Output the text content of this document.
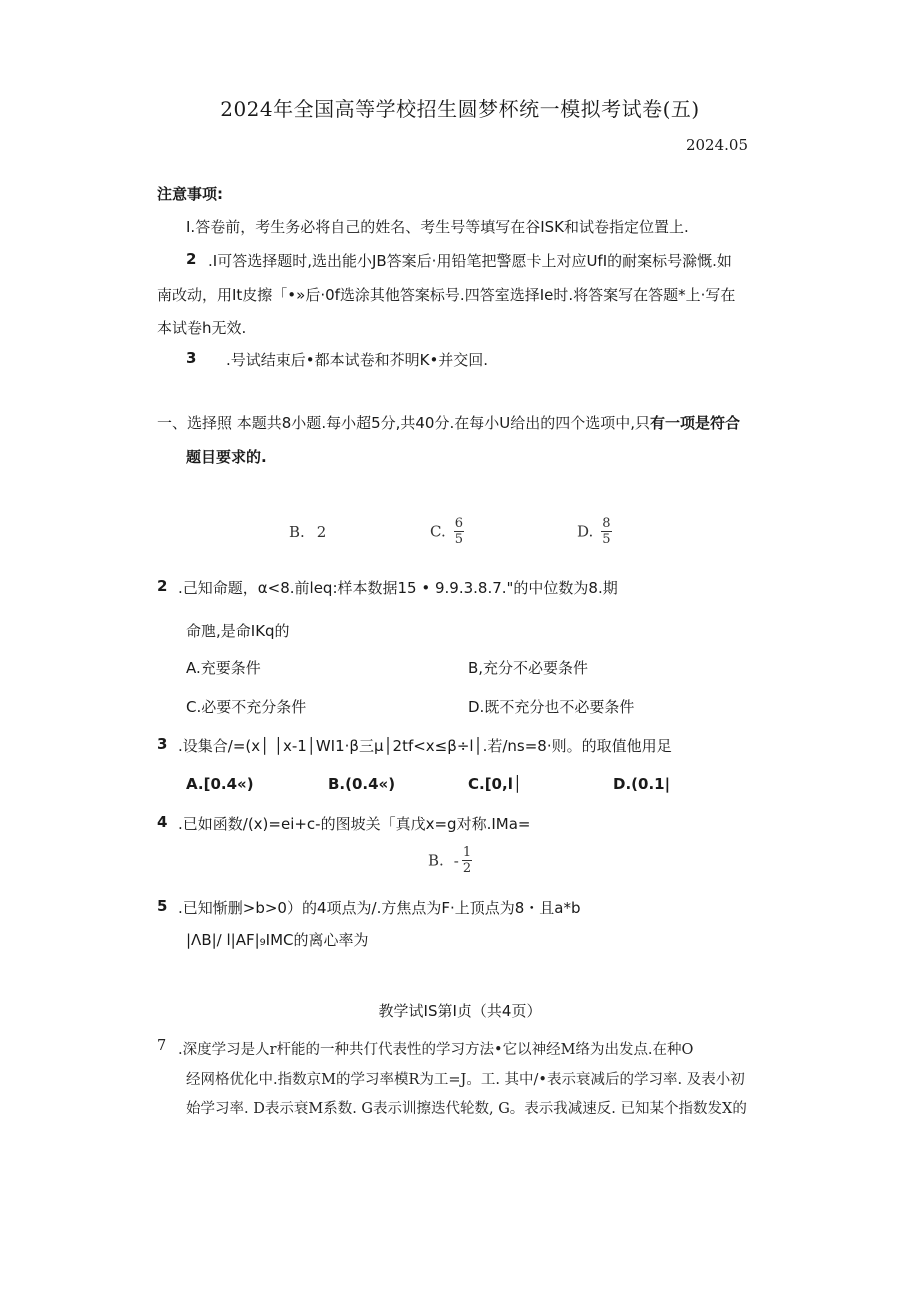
2024年全国高等学校招生圆梦杯统一模拟考试卷(五)
2024.05
注意事项:
I.答卷前，考生务必将自己的姓名、考生号等填写在谷ISK和试卷指定位置上.
2 .I可答选择题时,选出能小JB答案后·用铅笔把警愿卡上对应UfI的耐案标号滁慨.如
南改动，用It皮擦「•»后·0f选涂其他答案标号.四答室选择Ie时.将答案写在答题*上·写在
本试卷h无效.
3 .号试结束后•都本试卷和芥明K•并交回.
一、选择照 本题共8小题.每小超5分,共40分.在每小U给出的四个选项中,只有一项是符合
题目要求的.
B. 2	C. $\frac{6}{5}$	D. $\frac{8}{5}$
2 .己知命题，α<8.前leq:样本数据15 • 9.9.3.8.7."的中位数为8.期
命虺,是命IKq的
A.充要条件	B,充分不必要条件
C.必要不充分条件	D.既不充分也不必要条件
3 .设集合/=(x│ │x-1│WI1·β三μ│2tf<x≤β÷l│.若/ns=8·则。的取值他用足
A.[0.4«)	B.(0.4«)	C.[0,l│	D.(0.1|
4 .已如函数/(x)=ei+c-的图坡关「真戊x=g对称.IMa=
B. - $\frac{1}{2}$
5 .已知惭删>b>0）的4项点为/.方焦点为F·上顶点为8・且a*b
|ΛB|∕ l|AF|₉IMC的离心率为
教学试IS第I贞（共4页）
7 .深度学习是人r杆能的一种共仃代表性的学习方法•它以神经M络为出发点.在种O
经网格优化中.指数京M的学习率模R为工=J。工. 其中/•表示衰减后的学习率. 及表小初
始学习率. D表示衰M系数. G表示训擦迭代轮数, G。表示我减速反. 已知某个指数发X的
